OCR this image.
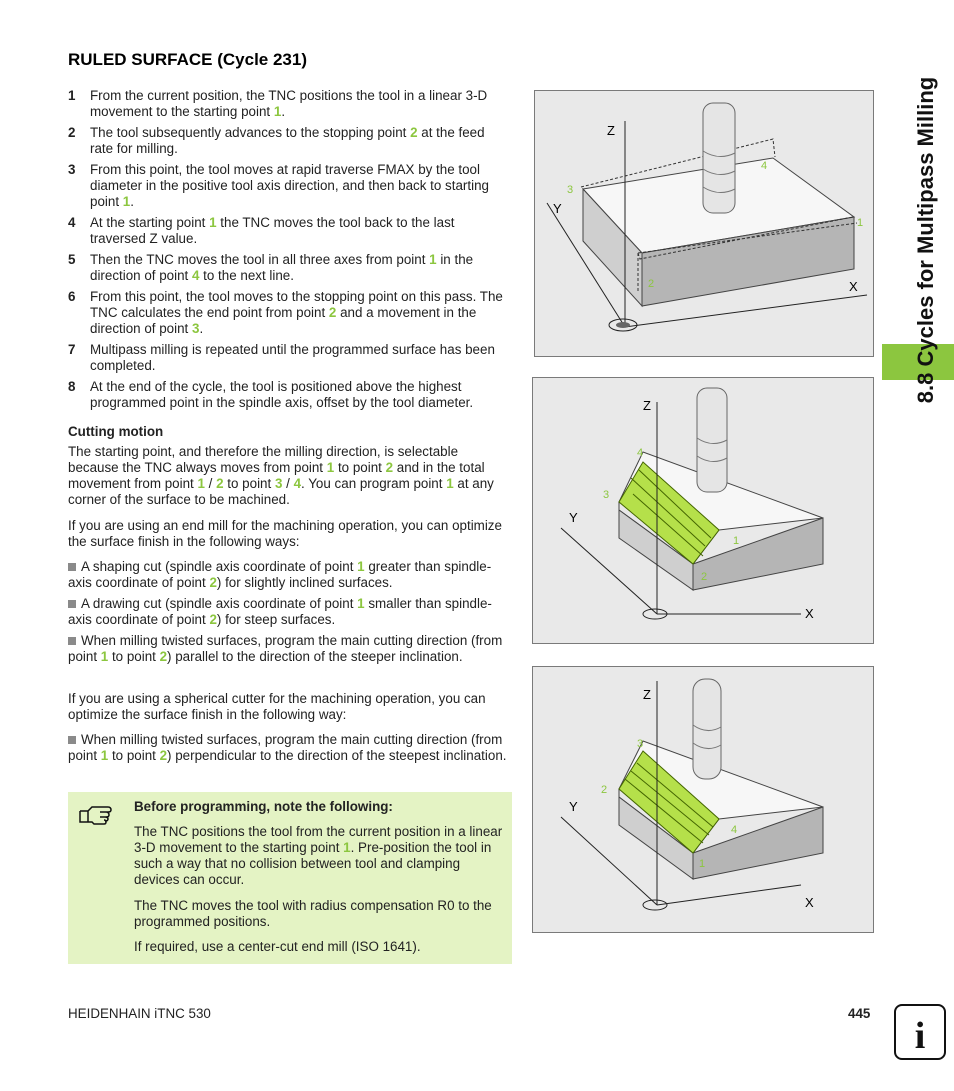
RULED SURFACE (Cycle 231)
1	From the current position, the TNC positions the tool in a linear 3-D movement to the starting point 1.
2	The tool subsequently advances to the stopping point 2 at the feed rate for milling.
3	From this point, the tool moves at rapid traverse FMAX by the tool diameter in the positive tool axis direction, and then back to starting point 1.
4	At the starting point 1 the TNC moves the tool back to the last traversed Z value.
5	Then the TNC moves the tool in all three axes from point 1 in the direction of point 4 to the next line.
6	From this point, the tool moves to the stopping point on this pass. The TNC calculates the end point from point 2 and a movement in the direction of point 3.
7	Multipass milling is repeated until the programmed surface has been completed.
8	At the end of the cycle, the tool is positioned above the highest programmed point in the spindle axis, offset by the tool diameter.
Cutting motion
The starting point, and therefore the milling direction, is selectable because the TNC always moves from point 1 to point 2 and in the total movement from point 1 / 2 to point 3 / 4. You can program point 1 at any corner of the surface to be machined.
If you are using an end mill for the machining operation, you can optimize the surface finish in the following ways:
A shaping cut (spindle axis coordinate of point 1 greater than spindle-axis coordinate of point 2) for slightly inclined surfaces.
A drawing cut (spindle axis coordinate of point 1 smaller than spindle-axis coordinate of point 2) for steep surfaces.
When milling twisted surfaces, program the main cutting direction (from point 1 to point 2) parallel to the direction of the steeper inclination.
If you are using a spherical cutter for the machining operation, you can optimize the surface finish in the following way:
When milling twisted surfaces, program the main cutting direction (from point 1 to point 2) perpendicular to the direction of the steepest inclination.
Before programming, note the following:
The TNC positions the tool from the current position in a linear 3-D movement to the starting point 1. Pre-position the tool in such a way that no collision between tool and clamping devices can occur.
The TNC moves the tool with radius compensation R0 to the programmed positions.
If required, use a center-cut end mill (ISO 1641).
Z
Y
X
1
2
3
4
Z
Y
X
1
2
3
4
Z
Y
X
1
2
3
4
8.8 Cycles for Multipass Milling
HEIDENHAIN iTNC 530	445
i
